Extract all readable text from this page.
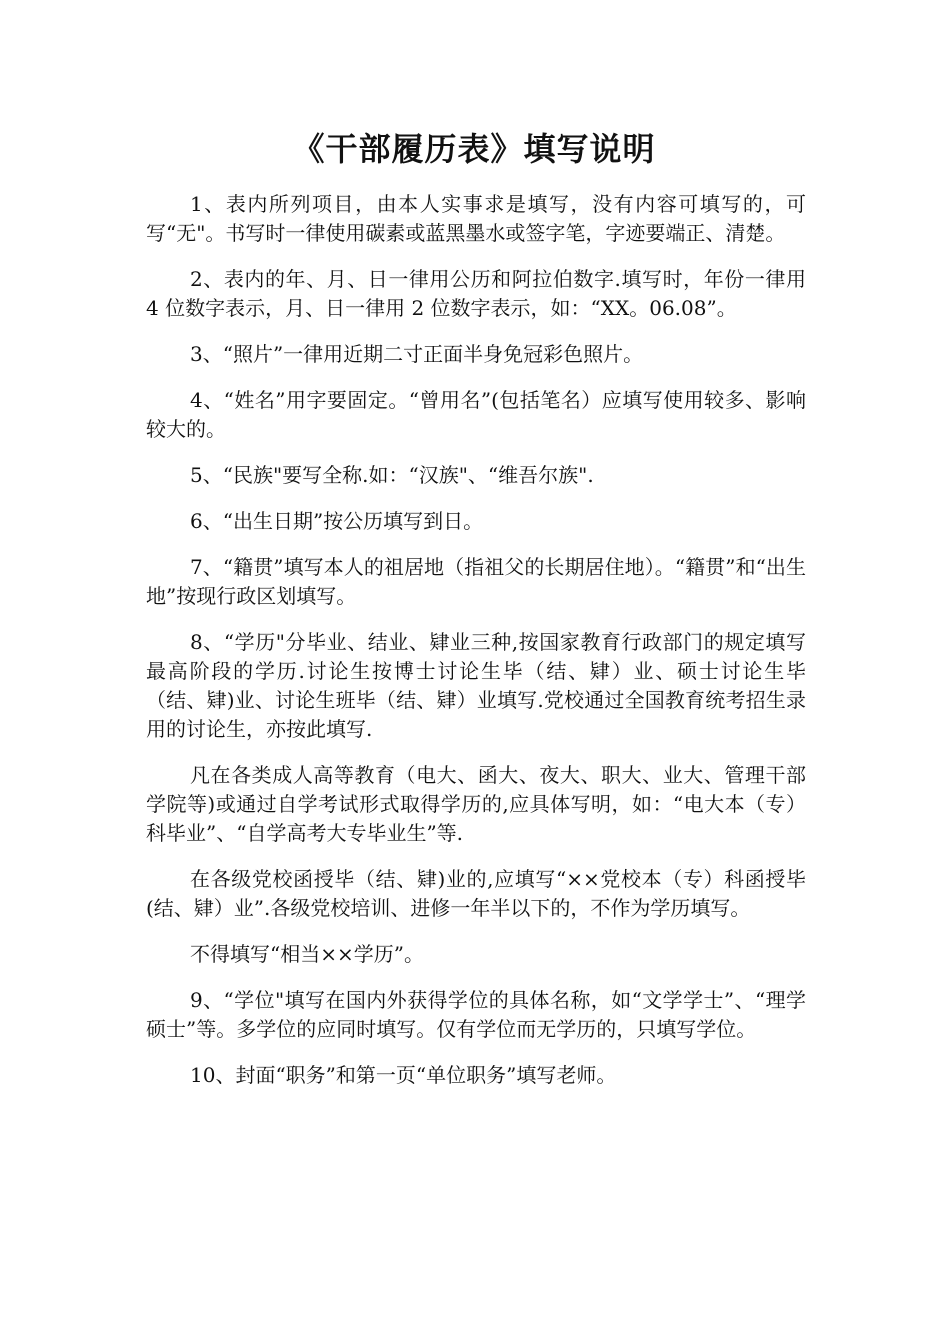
《干部履历表》填写说明

1、表内所列项目，由本人实事求是填写，没有内容可填写的，可写“无"。书写时一律使用碳素或蓝黑墨水或签字笔，字迹要端正、清楚。

2、表内的年、月、日一律用公历和阿拉伯数字.填写时，年份一律用 4 位数字表示，月、日一律用 2 位数字表示，如：“XX。06.08”。

3、“照片”一律用近期二寸正面半身免冠彩色照片。

4、“姓名”用字要固定。“曾用名”(包括笔名）应填写使用较多、影响较大的。

5、“民族"要写全称.如：“汉族"、“维吾尔族".

6、“出生日期”按公历填写到日。

7、“籍贯”填写本人的祖居地（指祖父的长期居住地）。“籍贯”和“出生地”按现行政区划填写。

8、“学历"分毕业、结业、肄业三种,按国家教育行政部门的规定填写最高阶段的学历.讨论生按博士讨论生毕（结、肄）业、硕士讨论生毕（结、肄)业、讨论生班毕（结、肄）业填写.党校通过全国教育统考招生录用的讨论生，亦按此填写.

凡在各类成人高等教育（电大、函大、夜大、职大、业大、管理干部学院等)或通过自学考试形式取得学历的,应具体写明，如：“电大本（专）科毕业”、“自学高考大专毕业生”等.

在各级党校函授毕（结、肄)业的,应填写“××党校本（专）科函授毕(结、肄）业”.各级党校培训、进修一年半以下的，不作为学历填写。

不得填写“相当××学历”。

9、“学位"填写在国内外获得学位的具体名称，如“文学学士”、“理学硕士”等。多学位的应同时填写。仅有学位而无学历的，只填写学位。

10、封面“职务”和第一页“单位职务”填写老师。
